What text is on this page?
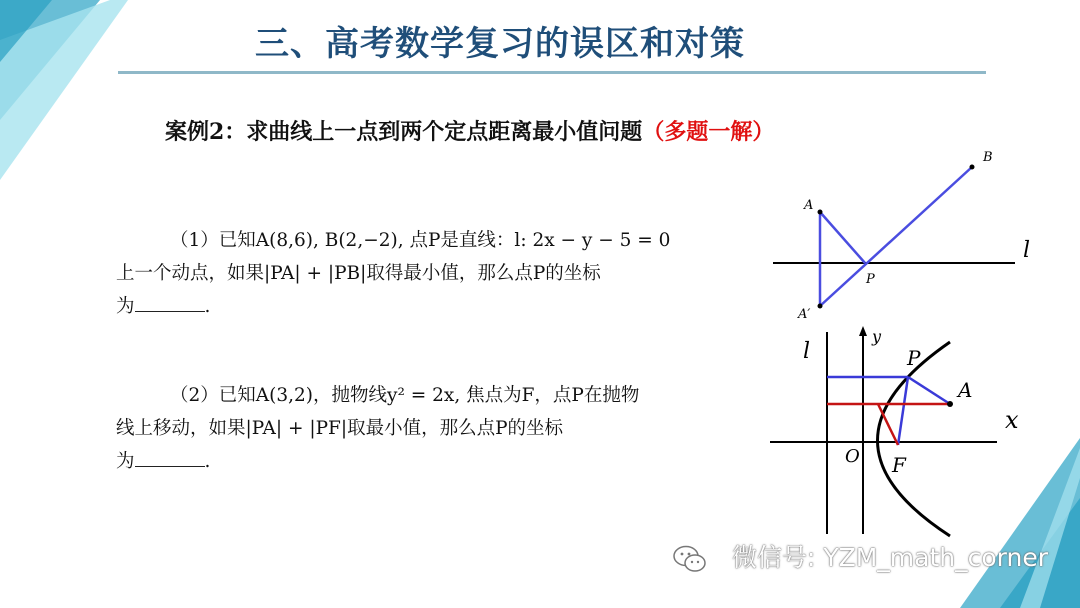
三、高考数学复习的误区和对策
案例2：求曲线上一点到两个定点距离最小值问题（多题一解）
（1）已知A(8,6), B(2,−2), 点P是直线：l: 2x − y − 5 = 0
上一个动点，如果|PA| + |PB|取得最小值，那么点P的坐标
为	.
（2）已知A(3,2)，抛物线y² = 2x, 焦点为F，点P在抛物
线上移动，如果|PA| + |PF|取最小值，那么点P的坐标
为	.
A
B
P
A′
l
l
y
x
P
A
O F
微信号: YZM_math_corner
